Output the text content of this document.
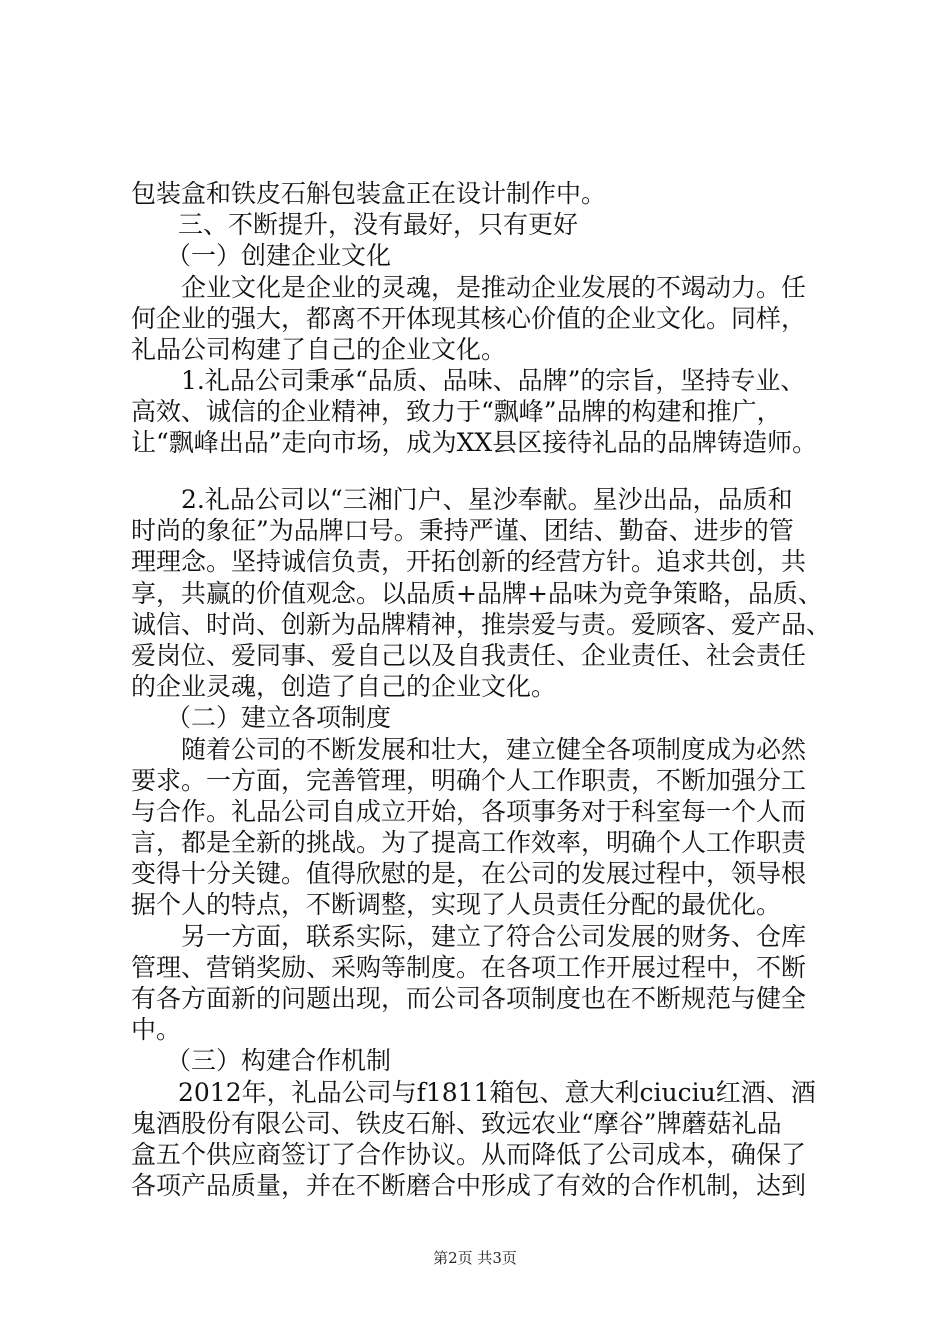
包装盒和铁皮石斛包装盒正在设计制作中。
三、不断提升，没有最好，只有更好
（一）创建企业文化
企业文化是企业的灵魂，是推动企业发展的不竭动力。任
何企业的强大，都离不开体现其核心价值的企业文化。同样，
礼品公司构建了自己的企业文化。
1.礼品公司秉承“品质、品味、品牌”的宗旨，坚持专业、
高效、诚信的企业精神，致力于“飘峰”品牌的构建和推广，
让“飘峰出品”走向市场，成为XX县区接待礼品的品牌铸造师。
2.礼品公司以“三湘门户、星沙奉献。星沙出品，品质和
时尚的象征”为品牌口号。秉持严谨、团结、勤奋、进步的管
理理念。坚持诚信负责，开拓创新的经营方针。追求共创，共
享，共赢的价值观念。以品质+品牌+品味为竞争策略，品质、
诚信、时尚、创新为品牌精神，推崇爱与责。爱顾客、爱产品、
爱岗位、爱同事、爱自己以及自我责任、企业责任、社会责任
的企业灵魂，创造了自己的企业文化。
（二）建立各项制度
随着公司的不断发展和壮大，建立健全各项制度成为必然
要求。一方面，完善管理，明确个人工作职责，不断加强分工
与合作。礼品公司自成立开始，各项事务对于科室每一个人而
言，都是全新的挑战。为了提高工作效率，明确个人工作职责
变得十分关键。值得欣慰的是，在公司的发展过程中，领导根
据个人的特点，不断调整，实现了人员责任分配的最优化。
另一方面，联系实际，建立了符合公司发展的财务、仓库
管理、营销奖励、采购等制度。在各项工作开展过程中，不断
有各方面新的问题出现，而公司各项制度也在不断规范与健全
中。
（三）构建合作机制
2012年，礼品公司与f1811箱包、意大利ciuciu红酒、酒
鬼酒股份有限公司、铁皮石斛、致远农业“摩谷”牌蘑菇礼品
盒五个供应商签订了合作协议。从而降低了公司成本，确保了
各项产品质量，并在不断磨合中形成了有效的合作机制，达到
第2页 共3页
